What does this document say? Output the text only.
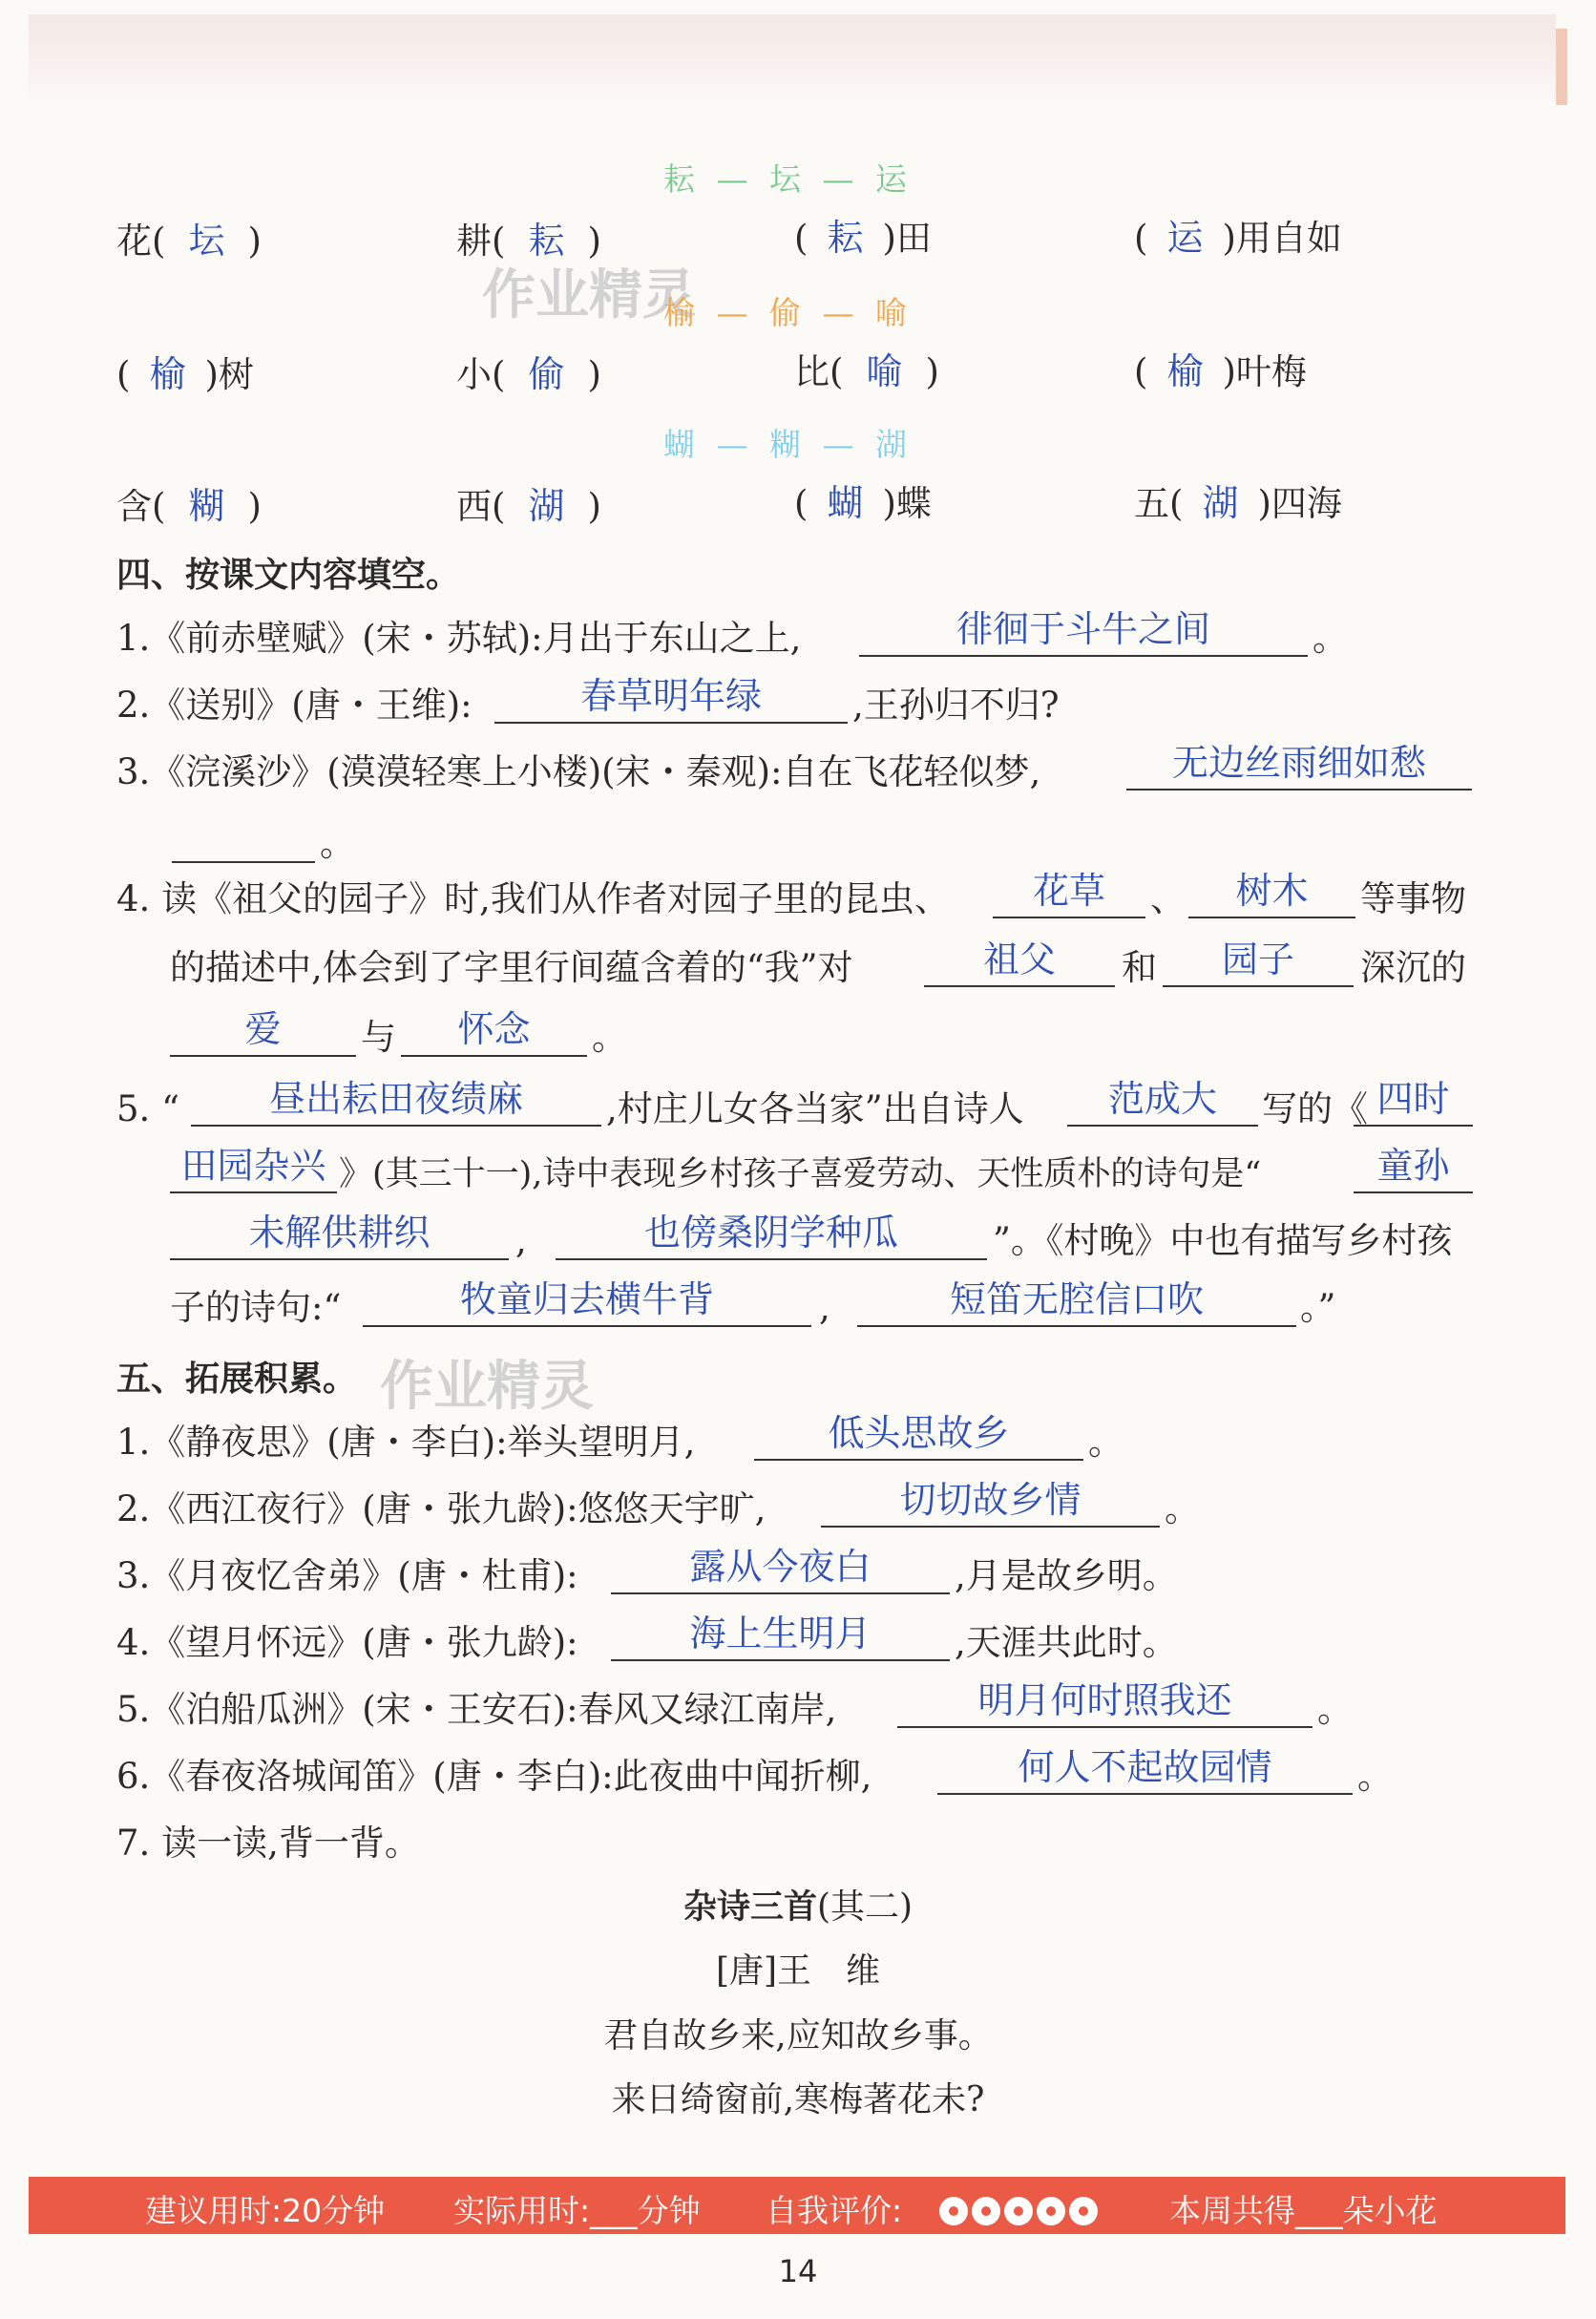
耘 — 坛 — 运
花( 坛 )	耕( 耘 )	( 耘 )田	( 运 )用自如
作业精灵
榆 — 偷 — 喻
( 榆 )树	小( 偷 )	比( 喻 )	( 榆 )叶梅
蝴 — 糊 — 湖
含( 糊 )	西( 湖 )	( 蝴 )蝶	五( 湖 )四海
四、按课文内容填空。
1.《前赤壁赋》(宋・苏轼):月出于东山之上,	徘徊于斗牛之间	。
2.《送别》(唐・王维):	春草明年绿	,王孙归不归?
3.《浣溪沙》(漠漠轻寒上小楼)(宋・秦观):自在飞花轻似梦,	无边丝雨细如愁
。
4. 读《祖父的园子》时,我们从作者对园子里的昆虫、	花草	、	树木	等事物
的描述中,体会到了字里行间蕴含着的“我”对	祖父	和	园子	深沉的
爱	与	怀念	。
5. “	昼出耘田夜绩麻	,村庄儿女各当家”出自诗人	范成大	写的《 四时
田园杂兴 》(其三十一),诗中表现乡村孩子喜爱劳动、天性质朴的诗句是“	童孙
未解供耕织	,	也傍桑阴学种瓜	”。《村晚》中也有描写乡村孩
子的诗句:“	牧童归去横牛背	,	短笛无腔信口吹	。”
五、拓展积累。 作业精灵
1.《静夜思》(唐・李白):举头望明月,	低头思故乡	。
2.《西江夜行》(唐・张九龄):悠悠天宇旷,	切切故乡情	。
3.《月夜忆舍弟》(唐・杜甫):	露从今夜白	,月是故乡明。
4.《望月怀远》(唐・张九龄):	海上生明月	,天涯共此时。
5.《泊船瓜洲》(宋・王安石):春风又绿江南岸,	明月何时照我还	。
6.《春夜洛城闻笛》(唐・李白):此夜曲中闻折柳,	何人不起故园情	。
7. 读一读,背一背。
杂诗三首(其二)
[唐]王　维
君自故乡来,应知故乡事。
来日绮窗前,寒梅著花未?
建议用时:20分钟 实际用时:___分钟 自我评价:	本周共得___朵小花
14
